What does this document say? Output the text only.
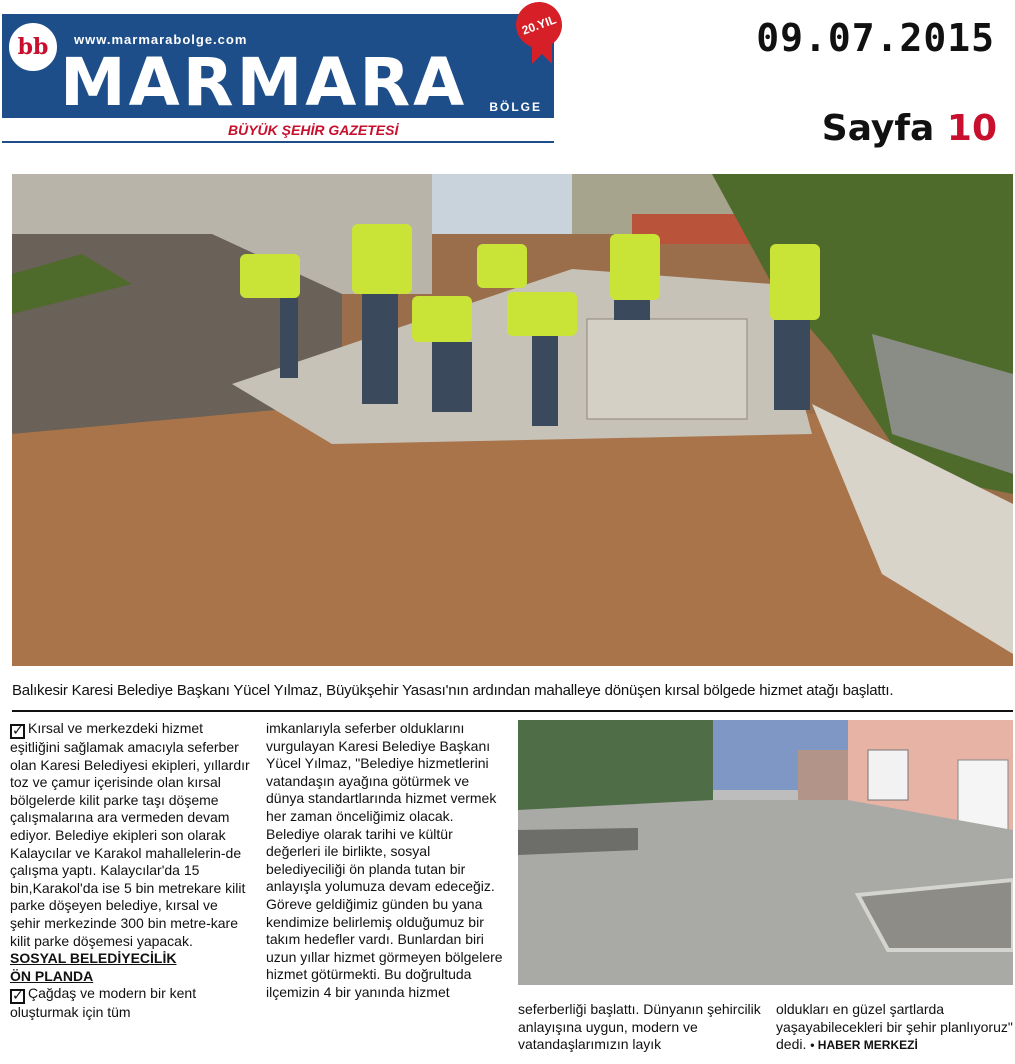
bb	www.marmarabolge.com
MARMARA BÖLGE
20.YIL
BÜYÜK ŞEHİR GAZETESİ
09.07.2015
Sayfa 10
Balıkesir Karesi Belediye Başkanı Yücel Yılmaz, Büyükşehir Yasası'nın ardından mahalleye dönüşen kırsal bölgede hizmet atağı başlattı.

✓ Kırsal ve merkezdeki hizmet eşitliğini sağlamak amacıyla seferber olan Karesi Belediyesi ekipleri, yıllardır toz ve çamur içerisinde olan kırsal bölgelerde kilit parke taşı döşeme çalışmalarına ara vermeden devam ediyor. Belediye ekipleri son olarak Kalaycılar ve Karakol mahallelerin-de çalışma yaptı. Kalaycılar'da 15 bin,Karakol'da ise 5 bin metrekare kilit parke döşeyen belediye, kırsal ve şehir merkezinde 300 bin metre-kare kilit parke döşemesi yapacak.

SOSYAL BELEDİYECİLİK
ÖN PLANDA

✓ Çağdaş ve modern bir kent oluşturmak için tüm

imkanlarıyla seferber olduklarını vurgulayan Karesi Belediye Başkanı Yücel Yılmaz, "Belediye hizmetlerini vatandaşın ayağına götürmek ve dünya standartlarında hizmet vermek her zaman önceliğimiz olacak. Belediye olarak tarihi ve kültür değerleri ile birlikte, sosyal belediyeciliği ön planda tutan bir anlayışla yolumuza devam edeceğiz.

Göreve geldiğimiz günden bu yana kendimize belirlemiş olduğumuz bir takım hedefler vardı. Bunlardan biri uzun yıllar hizmet görmeyen bölgelere hizmet götürmekti. Bu doğrultuda ilçemizin 4 bir yanında hizmet

seferberliği başlattı. Dünyanın şehircilik anlayışına uygun, modern ve vatandaşlarımızın layık

oldukları en güzel şartlarda yaşayabilecekleri bir şehir planlıyoruz" dedi. • HABER MERKEZİ
